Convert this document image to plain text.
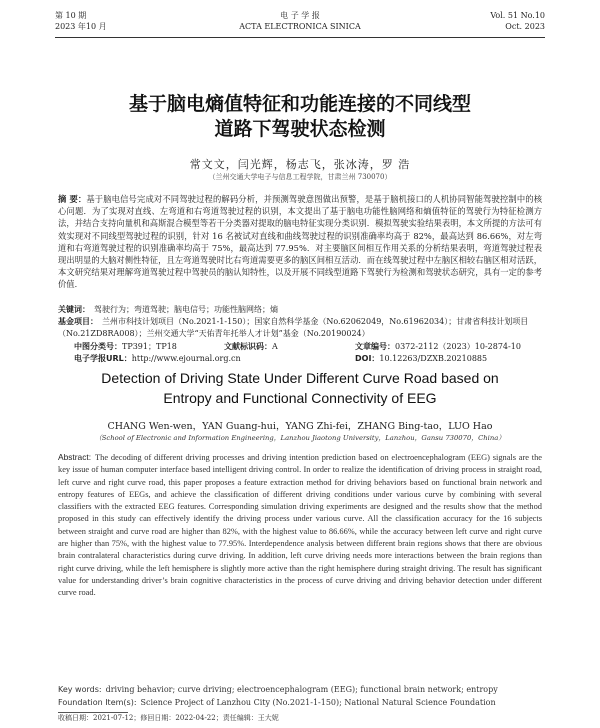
第 10 期
2023 年10 月
电 子 学 报
ACTA ELECTRONICA SINICA
Vol. 51 No.10
Oct. 2023
基于脑电熵值特征和功能连接的不同线型
道路下驾驶状态检测
常文文，闫光辉，杨志飞，张冰涛，罗 浩
（兰州交通大学电子与信息工程学院，甘肃兰州 730070）
摘 要：基于脑电信号完成对不同驾驶过程的解码分析，并预测驾驶意图做出预警，是基于脑机接口的人机协同智能驾驶控制中的核心问题．为了实现对直线、左弯道和右弯道驾驶过程的识别，本文提出了基于脑电功能性脑网络和熵值特征的驾驶行为特征检测方法，并结合支持向量机和高斯混合模型等若干分类器对提取的脑电特征实现分类识别．模拟驾驶实验结果表明，本文所提的方法可有效实现对不同线型驾驶过程的识别，针对 16 名被试对直线和曲线驾驶过程的识别准确率均高于 82%，最高达到 86.66%，对左弯道和右弯道驾驶过程的识别准确率均高于 75%，最高达到 77.95%．对主要脑区间相互作用关系的分析结果表明，弯道驾驶过程表现出明显的大脑对侧性特征，且左弯道驾驶时比右弯道需要更多的脑区间相互活动．而在线驾驶过程中左脑区相较右脑区相对活跃，本文研究结果对理解弯道驾驶过程中驾驶员的脑认知特性，以及开展不同线型道路下驾驶行为检测和驾驶状态研究，具有一定的参考价值．
关键词： 驾驶行为；弯道驾驶；脑电信号；功能性脑网络；熵
基金项目： 兰州市科技计划项目（No.2021-1-150）；国家自然科学基金（No.62062049，No.61962034）；甘肃省科技计划项目（No.21ZD8RA008）；兰州交通大学“天佑青年托举人才计划”基金（No.20190024）
中图分类号：TP391；TP18	文献标识码：A	文章编号：0372-2112（2023）10-2874-10
电子学报URL：http://www.ejournal.org.cn	DOI：10.12263/DZXB.20210885
Detection of Driving State Under Different Curve Road based on
Entropy and Functional Connectivity of EEG
CHANG Wen-wen，YAN Guang-hui，YANG Zhi-fei，ZHANG Bing-tao，LUO Hao
（School of Electronic and Information Engineering，Lanzhou Jiaotong University，Lanzhou，Gansu 730070，China）
Abstract: The decoding of different driving processes and driving intention prediction based on electroencephalogram (EEG) signals are the key issue of human computer interface based intelligent driving control. In order to realize the identification of driving process in straight road, left curve and right curve road, this paper proposes a feature extraction method for driving behaviors based on functional brain network and entropy features of EEGs, and achieve the classification of different driving conditions under various curve by combining with several classifiers with the extracted EEG features. Corresponding simulation driving experiments are designed and the results show that the method proposed in this study can effectively identify the driving process under various curve. All the classification accuracy for the 16 subjects between straight and curve road are higher than 82%, with the highest value to 86.66%, while the accuracy between left curve and right curve are higher than 75%, with the highest value to 77.95%. Interdependence analysis between different brain regions shows that there are obvious brain contralateral characteristics during curve driving. In addition, left curve driving needs more interactions between the brain regions than right curve driving, while the left hemisphere is slightly more active than the right hemisphere during straight driving. The result has significant value for understanding driver’s brain cognitive characteristics in the process of curve driving and driving behavior detection under different curve road.
Key words: driving behavior; curve driving; electroencephalogram (EEG); functional brain network; entropy
Foundation Item(s): Science Project of Lanzhou City (No.2021-1-150); National Natural Science Foundation
收稿日期：2021-07-12；修回日期：2022-04-22；责任编辑：王大妮
